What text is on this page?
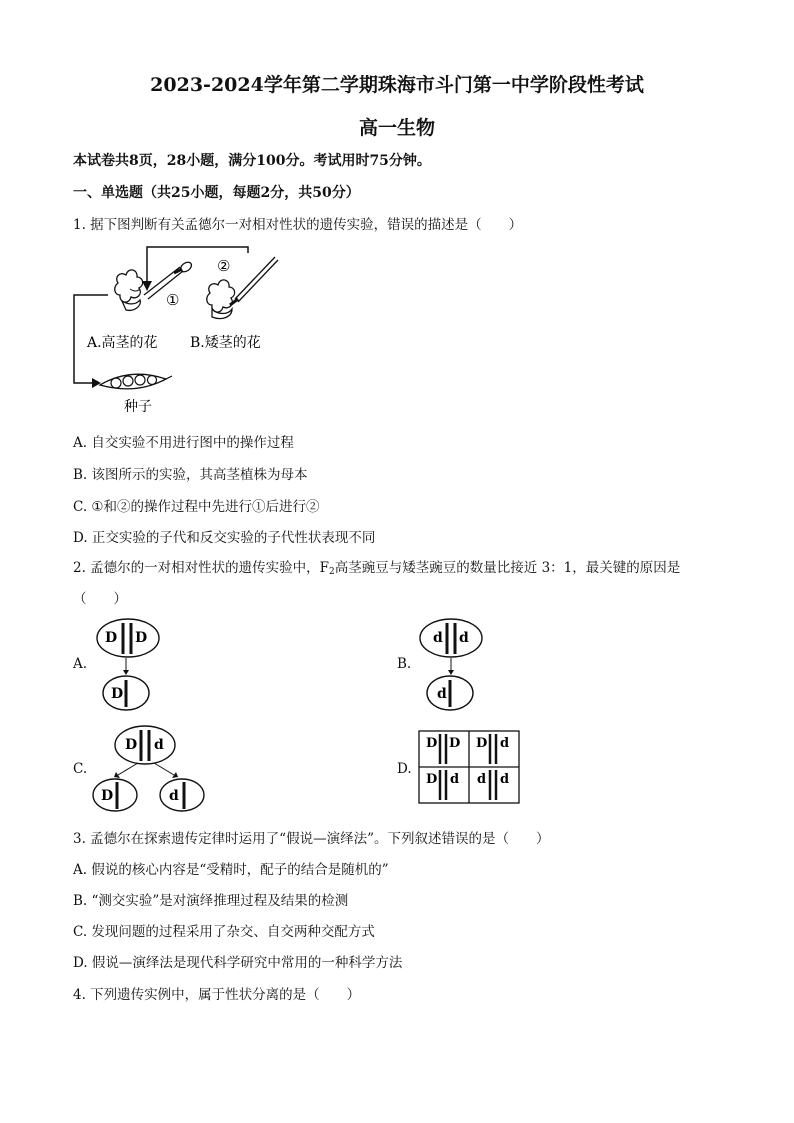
2023-2024学年第二学期珠海市斗门第一中学阶段性考试
高一生物
本试卷共8页，28小题，满分100分。考试用时75分钟。
一、单选题（共25小题，每题2分，共50分）
1. 据下图判断有关孟德尔一对相对性状的遗传实验，错误的描述是（　　）
①
②
A.高茎的花 B.矮茎的花
种子
A. 自交实验不用进行图中的操作过程
B. 该图所示的实验，其高茎植株为母本
C. ①和②的操作过程中先进行①后进行②
D. 正交实验的子代和反交实验的子代性状表现不同
2. 孟德尔的一对相对性状的遗传实验中，$F_2$高茎豌豆与矮茎豌豆的数量比接近 3：1，最关键的原因是
（　　）
A.
D D
D
B.
d d
d
C.
D d
D	d
D.
D D D d
D d d d
3. 孟德尔在探索遗传定律时运用了“假说—演绎法”。下列叙述错误的是（　　）
A. 假说的核心内容是“受精时，配子的结合是随机的”
B. “测交实验”是对演绎推理过程及结果的检测
C. 发现问题的过程采用了杂交、自交两种交配方式
D. 假说—演绎法是现代科学研究中常用的一种科学方法
4. 下列遗传实例中，属于性状分离的是（　　）
